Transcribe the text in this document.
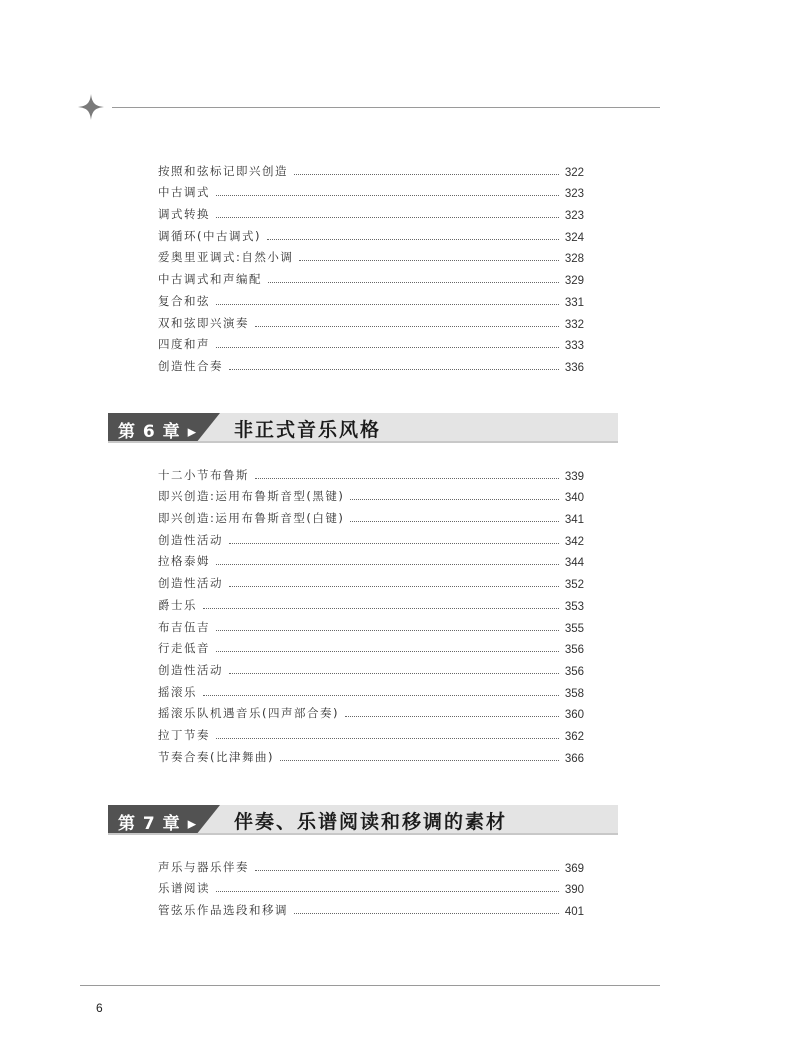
按照和弦标记即兴创造	322
中古调式	323
调式转换	323
调循环(中古调式)	324
爱奥里亚调式:自然小调	328
中古调式和声编配	329
复合和弦	331
双和弦即兴演奏	332
四度和声	333
创造性合奏	336
第 6 章 ▸ 非正式音乐风格
十二小节布鲁斯	339
即兴创造:运用布鲁斯音型(黑键)	340
即兴创造:运用布鲁斯音型(白键)	341
创造性活动	342
拉格泰姆	344
创造性活动	352
爵士乐	353
布吉伍吉	355
行走低音	356
创造性活动	356
摇滚乐	358
摇滚乐队机遇音乐(四声部合奏)	360
拉丁节奏	362
节奏合奏(比津舞曲)	366
第 7 章 ▸ 伴奏、乐谱阅读和移调的素材
声乐与器乐伴奏	369
乐谱阅读	390
管弦乐作品选段和移调	401
6
